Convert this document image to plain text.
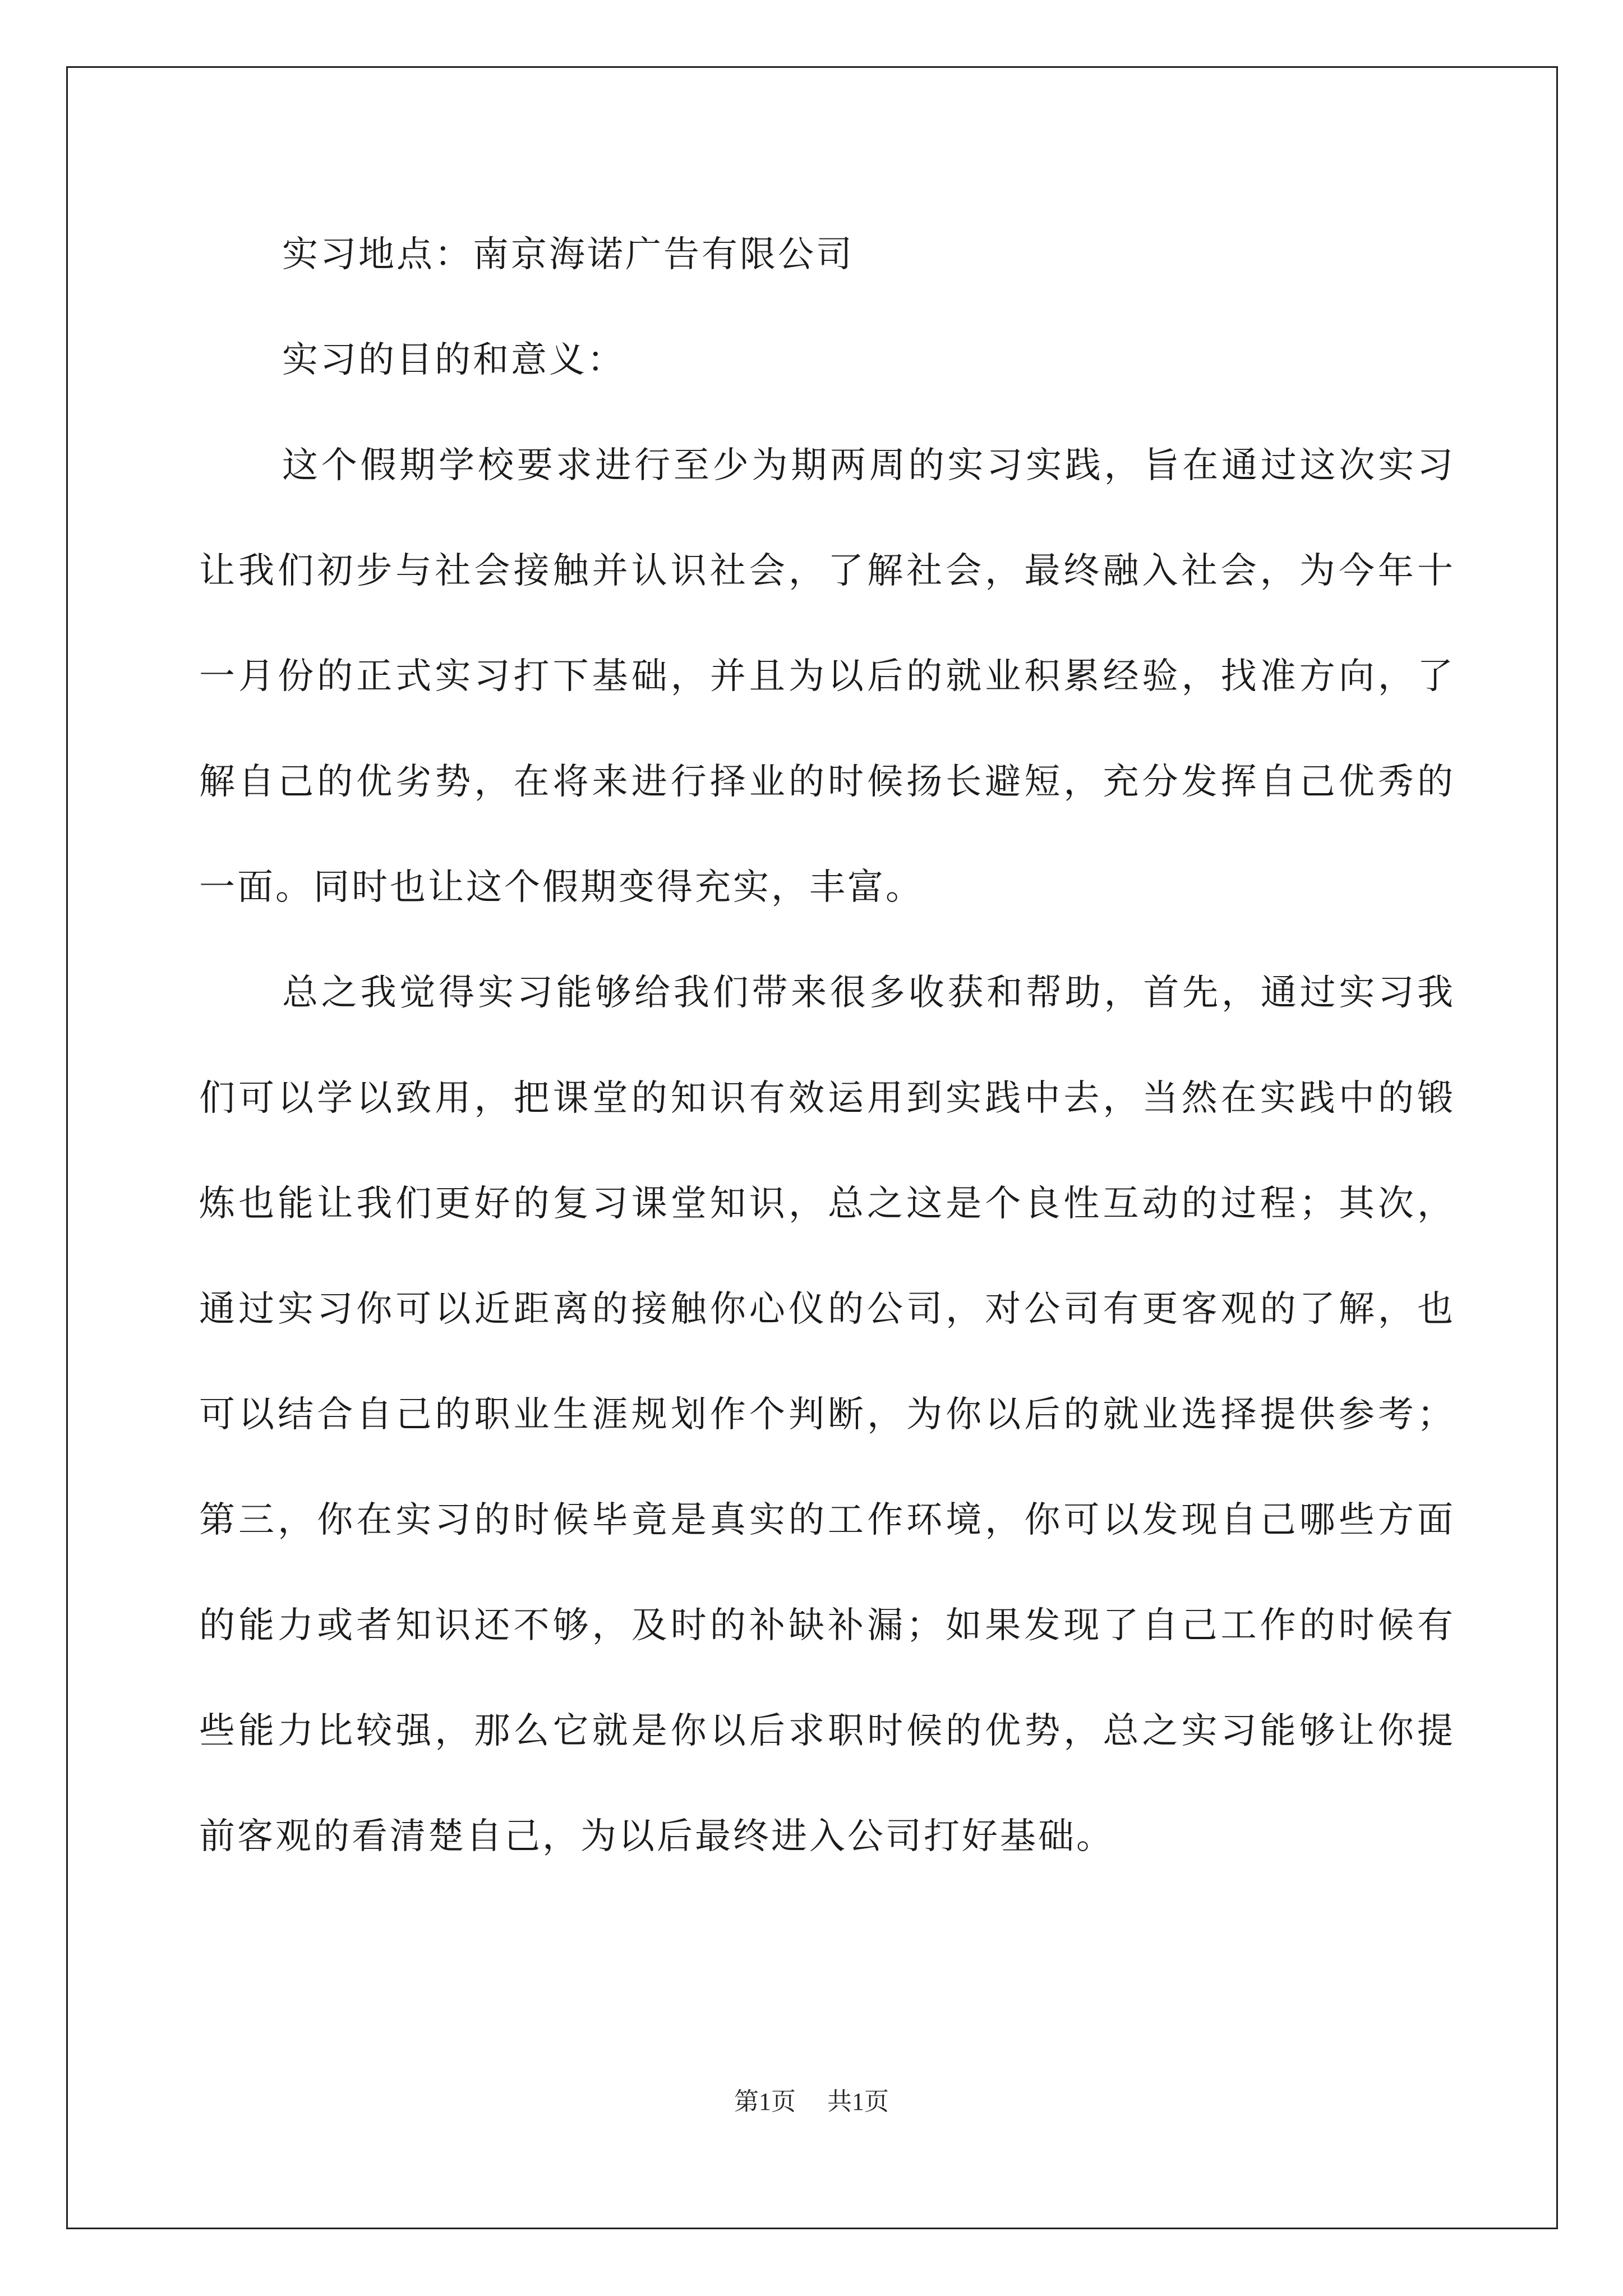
实习地点：南京海诺广告有限公司

实习的目的和意义：

这个假期学校要求进行至少为期两周的实习实践，旨在通过这次实习让我们初步与社会接触并认识社会，了解社会，最终融入社会，为今年十一月份的正式实习打下基础，并且为以后的就业积累经验，找准方向，了解自己的优劣势，在将来进行择业的时候扬长避短，充分发挥自己优秀的一面。同时也让这个假期变得充实，丰富。

总之我觉得实习能够给我们带来很多收获和帮助，首先，通过实习我们可以学以致用，把课堂的知识有效运用到实践中去，当然在实践中的锻炼也能让我们更好的复习课堂知识，总之这是个良性互动的过程；其次，通过实习你可以近距离的接触你心仪的公司，对公司有更客观的了解，也可以结合自己的职业生涯规划作个判断，为你以后的就业选择提供参考；第三，你在实习的时候毕竟是真实的工作环境，你可以发现自己哪些方面的能力或者知识还不够，及时的补缺补漏；如果发现了自己工作的时候有些能力比较强，那么它就是你以后求职时候的优势，总之实习能够让你提前客观的看清楚自己，为以后最终进入公司打好基础。

第1页 共1页
